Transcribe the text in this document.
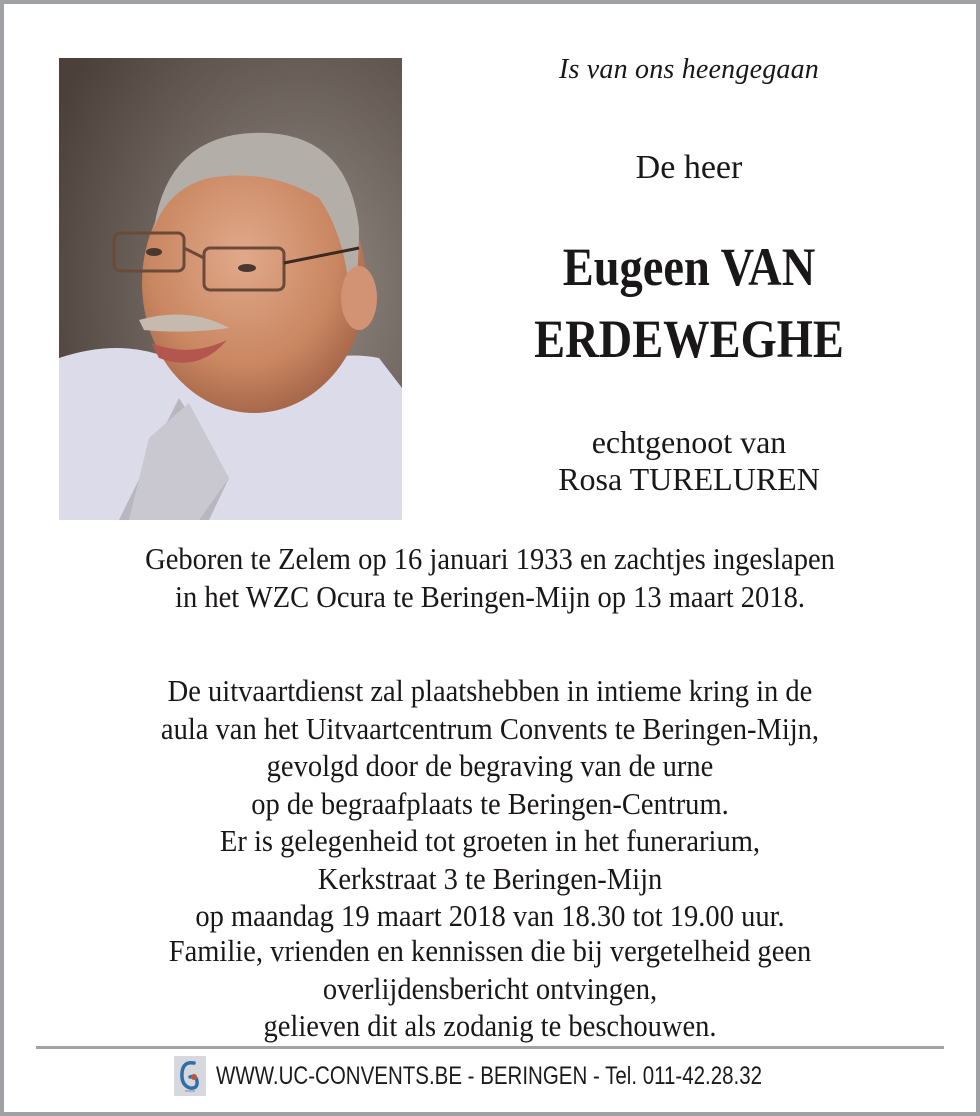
Is van ons heengegaan
De heer
Eugeen VAN
ERDEWEGHE
echtgenoot van
Rosa TURELUREN
Geboren te Zelem op 16 januari 1933 en zachtjes ingeslapen
in het WZC Ocura te Beringen-Mijn op 13 maart 2018.
De uitvaartdienst zal plaatshebben in intieme kring in de
aula van het Uitvaartcentrum Convents te Beringen-Mijn,
gevolgd door de begraving van de urne
op de begraafplaats te Beringen-Centrum.
Er is gelegenheid tot groeten in het funerarium,
Kerkstraat 3 te Beringen-Mijn
op maandag 19 maart 2018 van 18.30 tot 19.00 uur.
Familie, vrienden en kennissen die bij vergetelheid geen
overlijdensbericht ontvingen,
gelieven dit als zodanig te beschouwen.
WWW.UC-CONVENTS.BE - BERINGEN - Tel. 011-42.28.32
